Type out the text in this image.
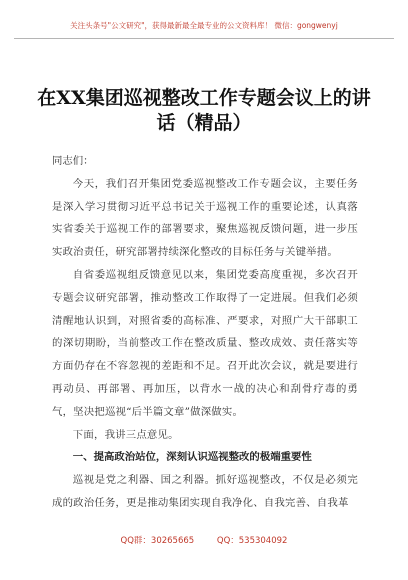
关注头条号"公文研究"，获得最新最全最专业的公文资料库！ 微信：gongwenyj
在XX集团巡视整改工作专题会议上的讲话（精品）

同志们：

今天，我们召开集团党委巡视整改工作专题会议，主要任务是深入学习贯彻习近平总书记关于巡视工作的重要论述，认真落实省委关于巡视工作的部署要求，聚焦巡视反馈问题，进一步压实政治责任，研究部署持续深化整改的目标任务与关键举措。

自省委巡视组反馈意见以来，集团党委高度重视，多次召开专题会议研究部署，推动整改工作取得了一定进展。但我们必须清醒地认识到，对照省委的高标准、严要求，对照广大干部职工的深切期盼，当前整改工作在整改质量、整改成效、责任落实等方面仍存在不容忽视的差距和不足。召开此次会议，就是要进行再动员、再部署、再加压，以背水一战的决心和刮骨疗毒的勇气，坚决把巡视“后半篇文章”做深做实。

下面，我讲三点意见。

一、提高政治站位，深刻认识巡视整改的极端重要性

巡视是党之利器、国之利器。抓好巡视整改，不仅是必须完成的政治任务，更是推动集团实现自我净化、自我完善、自我革

QQ群：30265665	QQ：535304092
